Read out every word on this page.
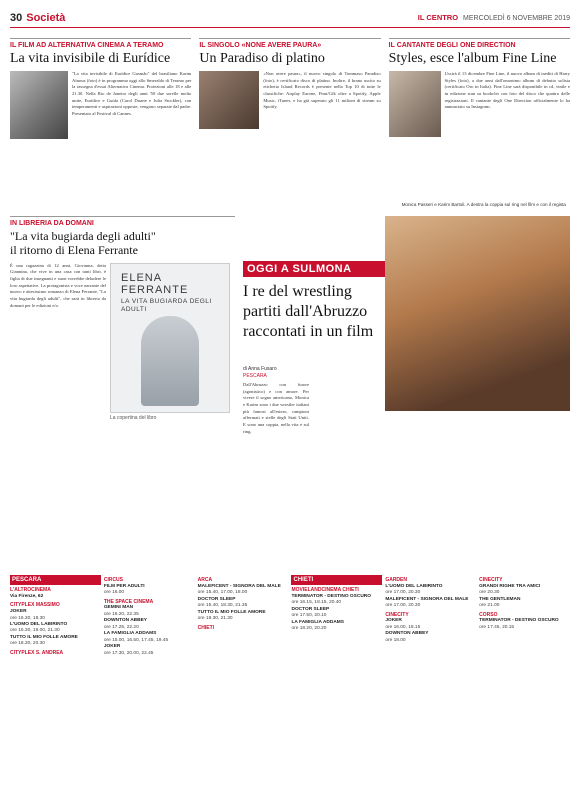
30 Società	IL CENTRO MERCOLEDÌ 6 NOVEMBRE 2019
IL FILM AD ALTERNATIVA CINEMA A TERAMO
La vita invisibile di Eurídice
"La vita invisibile di Eurídice Gusmão" del brasiliano Karim Aïnouz (foto) è in programma oggi allo Smeraldo di Teramo per la rassegna d'essai Alternativa Cinema. Proiezioni alle 18 e alle 21.30. Nella Rio de Janeiro degli anni '50 due sorelle molto unite, Eurídice e Guida (Carol Duarte e Julia Stockler), con temperamenti e aspirazioni opposte, vengono separate dal padre. Presentato al Festival di Cannes.
IL SINGOLO «NONE AVERE PAURA»
Un Paradiso di platino
«Non avere paura», il nuovo singolo di Tommaso Paradiso (foto), è certificato disco di platino. Inoltre, il brano uscito su etichetta Island Records è presente nella Top 10 di tutte le classifiche: Airplay Earone, Fimi/Gfk oltre a Spotify, Apple Music, iTunes, e ha già superato gli 11 milioni di stream su Spotify.
IL CANTANTE DEGLI ONE DIRECTION
Styles, esce l'album Fine Line
Uscirà il 13 dicembre Fine Line, il nuovo album di inediti di Harry Styles (foto), a due anni dall'omonimo album di debutto solista (certificato Oro in Italia). Fine Line sarà disponibile in cd, vinile e in edizione stan su bookclet con foto del disco che quattro delle registrazioni. Il cantante degli One Direction ufficialmente lo ha annunciato su Instagram.
IN LIBRERIA DA DOMANI
"La vita bugiarda degli adulti"
il ritorno di Elena Ferrante
È una ragazzina di 12 anni, Giovanna, detta Giannina, che vive in una casa con tanti libri, è figlia di due insegnanti e suon vorrebbe deludere le loro aspettative. La protagonista e voce narrante del nuovo e attesissimo romanzo di Elena Ferrante, "La vita bugiarda degli adulti", che sarà in libreria da domani per le edizioni e/o.
ELENA FERRANTE
LA VITA BUGIARDA DEGLI ADULTI
La copertina del libro
Monica Passeri e Karim Bartoli. A destra la coppia sul ring nel film e con il regista
OGGI A SULMONA
I re del wrestling
partiti dall'Abruzzo
raccontati in un film
di Anna Fusaro
PESCARA
Dall'Abruzzo con furore (agonistico) e con amore. Per vivere il sogno americano, Monica e Karim sono i due wrestler italiani più famosi all'estero, campioni affermati e stelle degli Stati Uniti. E sono una coppia, nella vita e sul ring.
PESCARA
L'ALTROCINEMA
Via Firenze, 62
CITYPLEX MASSIMO
JOKER
ore 16.30, 18.30
L'UOMO DEL LABIRINTO
ore 16.30, 19.00, 21.30
TUTTO IL MIO FOLLE AMORE
ore 18.30, 20.30
CITYPLEX S. ANDREA
CIRCUS
FILM PER ADULTI
ore 16.00
THE SPACE CINEMA
GEMINI MAN
ore 16.20, 22.35
DOWNTON ABBEY
ore 17.25, 22.20
LA FAMIGLIA ADDAMS
ore 15.00, 16.50, 17.45, 19.45
JOKER
ore 17.30, 20.00, 22.45
ARCA
MALEFICENT - SIGNORA DEL MALE
ore 15.40, 17.00, 18.00
DOCTOR SLEEP
ore 15.40, 18.30, 21.35
TUTTO IL MIO FOLLE AMORE
ore 19.30, 21.30
CHIETI
CHIETI
MOVIELANDCINEMA CHIETI
TERMINATOR - DESTINO OSCURO
ore 16.15, 18.15, 20.40
DOCTOR SLEEP
ore 17.50, 20.10
LA FAMIGLIA ADDAMS
ore 18.20, 20.20
GARDEN
L'UOMO DEL LABIRINTO
ore 17.00, 20.30
MALEFICENT - SIGNORA DEL MALE
ore 17.00, 20.30
CINECITY
JOKER
ore 16.00, 18.15
DOWNTON ABBEY
ore 18.00
CINECITY
GRANDI RIGHE TRA AMICI
ore 20.30
THE GENTLEMAN
ore 21.00
CORSO
TERMINATOR - DESTINO OSCURO
ore 17.45, 20.15
